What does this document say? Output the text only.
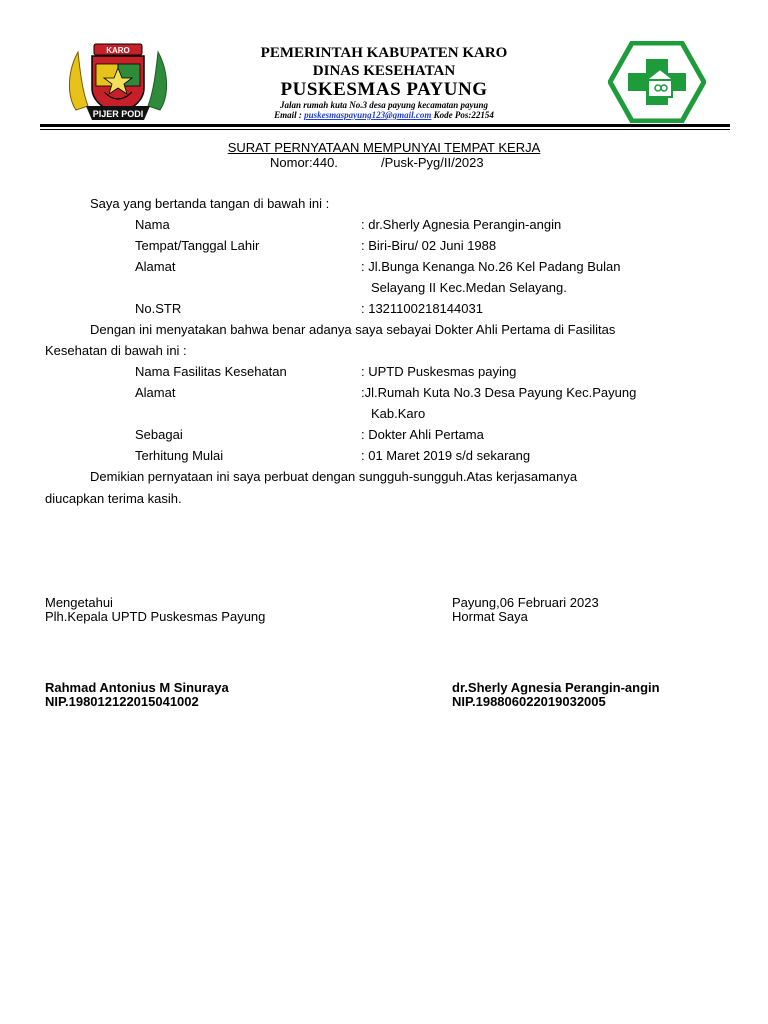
KARO
PIJER PODI
PEMERINTAH KABUPATEN KARO
DINAS KESEHATAN
PUSKESMAS PAYUNG
Jalan rumah kuta No.3 desa payung kecamatan payung
Email : puskesmaspayung123@gmail.com Kode Pos:22154
SURAT PERNYATAAN MEMPUNYAI TEMPAT KERJA
Nomor:440.	/Pusk-Pyg/II/2023
Saya yang bertanda tangan di bawah ini :
Nama	: dr.Sherly Agnesia Perangin-angin
Tempat/Tanggal Lahir	: Biri-Biru/ 02 Juni 1988
Alamat	: Jl.Bunga Kenanga No.26 Kel Padang Bulan
Selayang II Kec.Medan Selayang.
No.STR	: 1321100218144031
Dengan ini menyatakan bahwa benar adanya saya sebayai Dokter Ahli Pertama di Fasilitas
Kesehatan di bawah ini :
Nama Fasilitas Kesehatan	: UPTD Puskesmas paying
Alamat	:Jl.Rumah Kuta No.3 Desa Payung Kec.Payung
Kab.Karo
Sebagai	: Dokter Ahli Pertama
Terhitung Mulai	: 01 Maret 2019 s/d sekarang
Demikian pernyataan ini saya perbuat dengan sungguh-sungguh.Atas kerjasamanya
diucapkan terima kasih.
Mengetahui
Plh.Kepala UPTD Puskesmas Payung
Rahmad Antonius M Sinuraya
NIP.198012122015041002
Payung,06 Februari 2023
Hormat Saya
dr.Sherly Agnesia Perangin-angin
NIP.198806022019032005
